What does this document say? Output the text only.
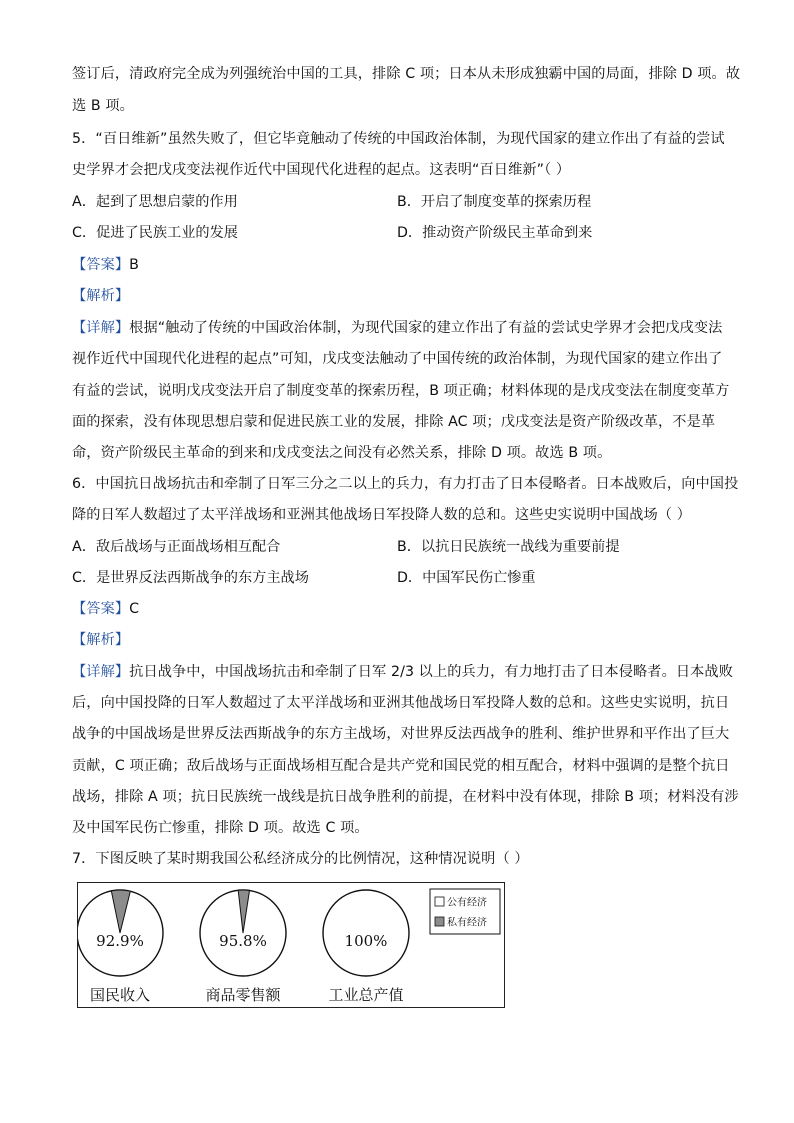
签订后，清政府完全成为列强统治中国的工具，排除 C 项；日本从未形成独霸中国的局面，排除 D 项。故
选 B 项。
5．“百日维新”虽然失败了，但它毕竟触动了传统的中国政治体制，为现代国家的建立作出了有益的尝试
史学界才会把戊戌变法视作近代中国现代化进程的起点。这表明“百日维新”（ ）
A．起到了思想启蒙的作用	B．开启了制度变革的探索历程
C．促进了民族工业的发展	D．推动资产阶级民主革命到来
【答案】B
【解析】
【详解】根据“触动了传统的中国政治体制，为现代国家的建立作出了有益的尝试史学界才会把戊戌变法
视作近代中国现代化进程的起点”可知，戊戌变法触动了中国传统的政治体制，为现代国家的建立作出了
有益的尝试，说明戊戌变法开启了制度变革的探索历程，B 项正确；材料体现的是戊戌变法在制度变革方
面的探索，没有体现思想启蒙和促进民族工业的发展，排除 AC 项；戊戌变法是资产阶级改革，不是革
命，资产阶级民主革命的到来和戊戌变法之间没有必然关系，排除 D 项。故选 B 项。
6．中国抗日战场抗击和牵制了日军三分之二以上的兵力，有力打击了日本侵略者。日本战败后，向中国投
降的日军人数超过了太平洋战场和亚洲其他战场日军投降人数的总和。这些史实说明中国战场（ ）
A．敌后战场与正面战场相互配合	B．以抗日民族统一战线为重要前提
C．是世界反法西斯战争的东方主战场	D．中国军民伤亡惨重
【答案】C
【解析】
【详解】抗日战争中，中国战场抗击和牵制了日军 2/3 以上的兵力，有力地打击了日本侵略者。日本战败
后，向中国投降的日军人数超过了太平洋战场和亚洲其他战场日军投降人数的总和。这些史实说明，抗日
战争的中国战场是世界反法西斯战争的东方主战场，对世界反法西战争的胜利、维护世界和平作出了巨大
贡献，C 项正确；敌后战场与正面战场相互配合是共产党和国民党的相互配合，材料中强调的是整个抗日
战场，排除 A 项；抗日民族统一战线是抗日战争胜利的前提，在材料中没有体现，排除 B 项；材料没有涉
及中国军民伤亡惨重，排除 D 项。故选 C 项。
7．下图反映了某时期我国公私经济成分的比例情况，这种情况说明（ ）
92.9%
国民收入
95.8%
商品零售额
100%
工业总产值
公有经济
私有经济
